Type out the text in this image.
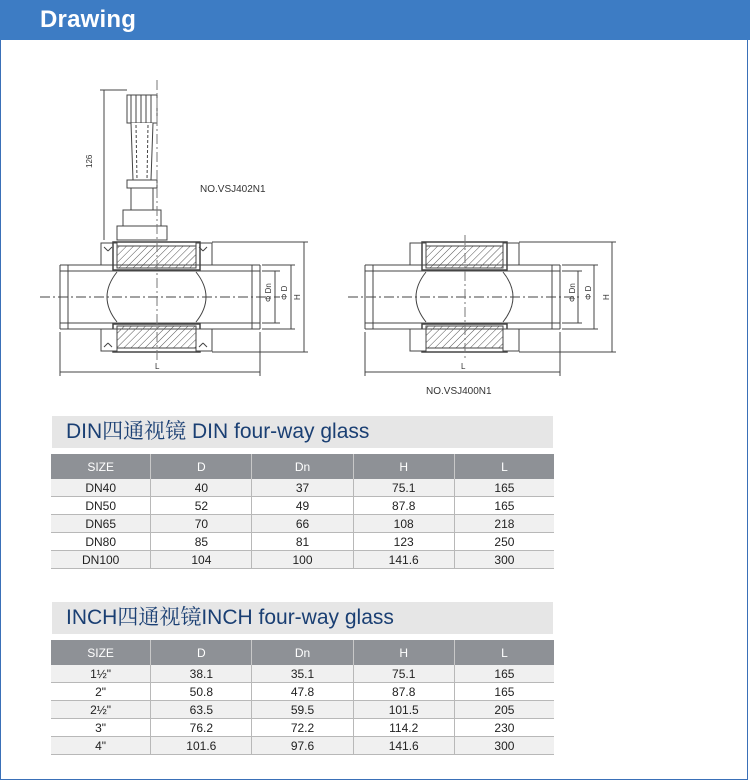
Drawing
126
Φ Dn Φ D H
L
NO.VSJ402N1
Φ Dn Φ D H
L
NO.VSJ400N1
DIN四通视镜 DIN four-way glass
SIZE	D	Dn	H	L
DN40	40	37	75.1	165
DN50	52	49	87.8	165
DN65	70	66	108	218
DN80	85	81	123	250
DN100	104	100	141.6	300
INCH四通视镜INCH four-way glass
SIZE	D	Dn	H	L
1½"	38.1	35.1	75.1	165
2"	50.8	47.8	87.8	165
2½"	63.5	59.5	101.5	205
3"	76.2	72.2	114.2	230
4"	101.6	97.6	141.6	300
